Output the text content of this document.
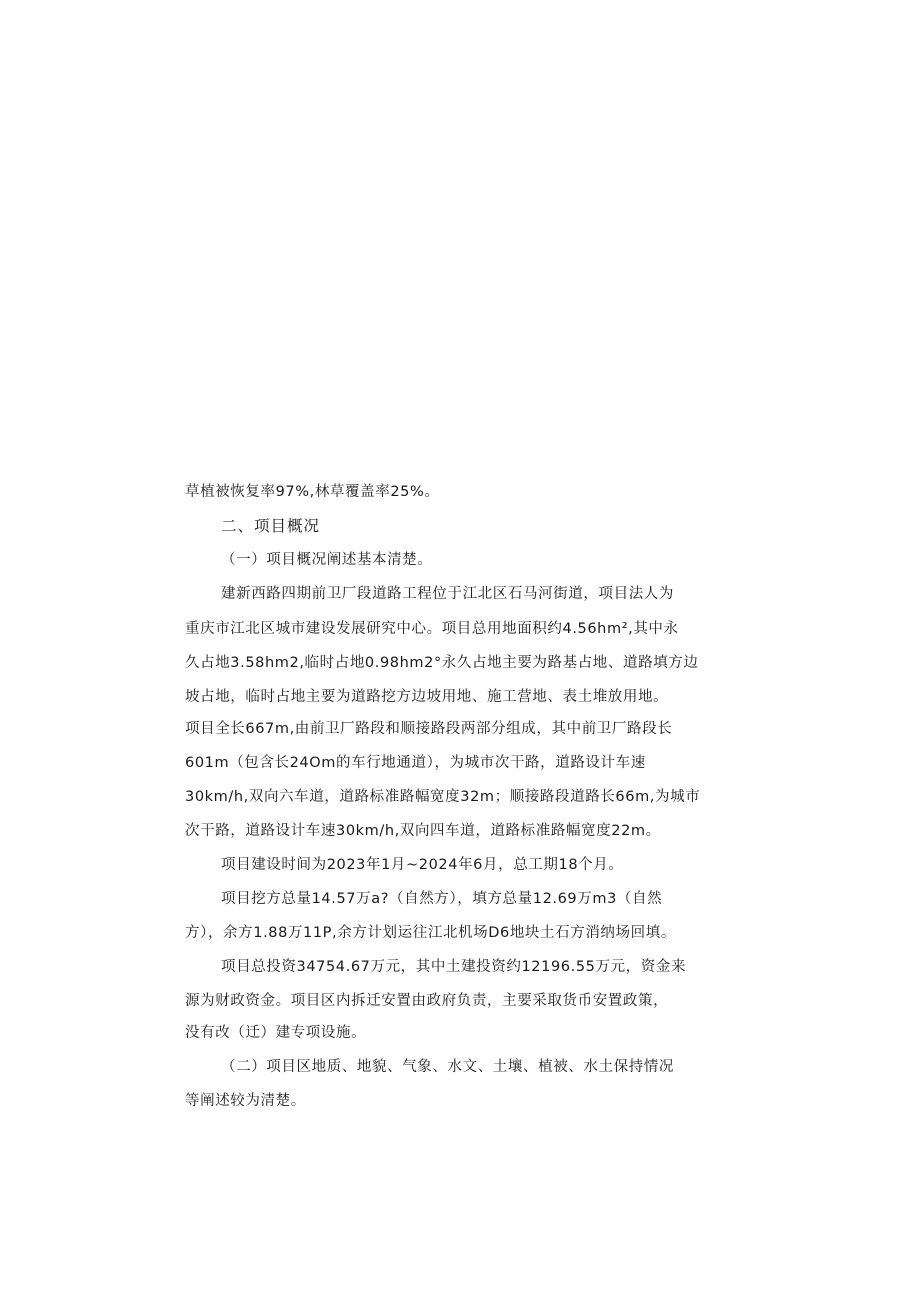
草植被恢复率97%,林草覆盖率25%。
二、项目概况
（一）项目概况阐述基本清楚。
建新西路四期前卫厂段道路工程位于江北区石马河街道，项目法人为
重庆市江北区城市建设发展研究中心。项目总用地面积约4.56hm²,其中永
久占地3.58hm2,临时占地0.98hm2°永久占地主要为路基占地、道路填方边
坡占地，临时占地主要为道路挖方边坡用地、施工营地、表土堆放用地。
项目全长667m,由前卫厂路段和顺接路段两部分组成，其中前卫厂路段长
601m（包含长24Om的车行地通道），为城市次干路，道路设计车速
30km∕h,双向六车道，道路标准路幅宽度32m；顺接路段道路长66m,为城市
次干路，道路设计车速30km∕h,双向四车道，道路标准路幅宽度22m。
项目建设时间为2023年1月~2024年6月，总工期18个月。
项目挖方总量14.57万a?（自然方），填方总量12.69万m3（自然
方），余方1.88万11P,余方计划运往江北机场D6地块土石方消纳场回填。
项目总投资34754.67万元，其中土建投资约12196.55万元，资金来
源为财政资金。项目区内拆迁安置由政府负责，主要采取货币安置政策，
没有改（迁）建专项设施。
（二）项目区地质、地貌、气象、水文、土壤、植被、水土保持情况
等阐述较为清楚。
